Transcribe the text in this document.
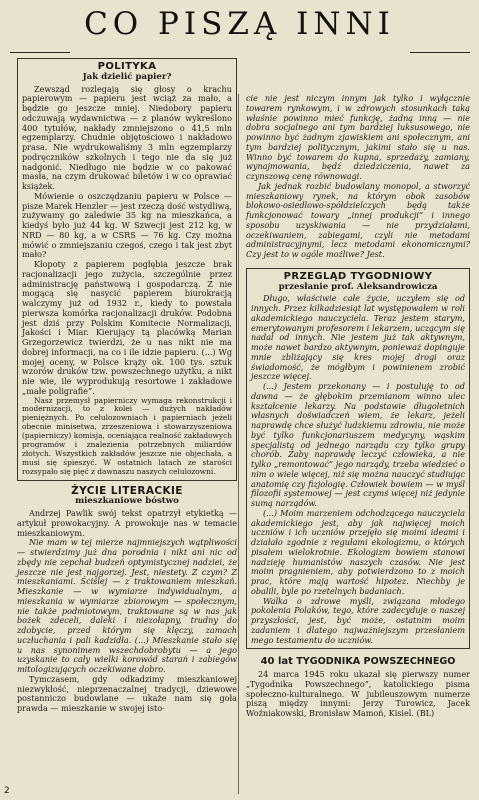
CO PISZĄ INNI
POLITYKA
Jak dzielić papier?

Zewsząd rozlegają się głosy o krachu papierowym — papieru jest wciąż za mało, a będzie go jeszcze mniej. Niedobory papieru odczuwają wydawnictwa — z planów wykreślono 400 tytułów, nakłady zmniejszono o 41,5 mln egzemplarzy. Chudnie objętościowo i nakładowo prasa. Nie wydrukowaliśmy 3 mln egzemplarzy podręczników szkolnych i tego nie da się już nadgonić. Niedługo nie będzie w co pakować masła, na czym drukować biletów i w co oprawiać książek.

Mówienie o oszczędzaniu papieru w Polsce — pisze Marek Henzler — jest rzeczą dość wstydliwą, zużywamy go zaledwie 35 kg na mieszkańca, a kiedyś było już 44 kg. W Szwecji jest 212 kg, w NRD — 80 kg, a w CSRS — 76 kg. Czy można mówić o zmniejszaniu czegoś, czego i tak jest zbyt mało?

Kłopoty z papierem pogłębia jeszcze brak racjonalizacji jego zużycia, szczególnie przez administrację państwową i gospodarczą. Z nie mogącą się nasycić papierem biurokracją walczymy już od 1932 r., kiedy to powstała pierwsza komórka racjonalizacji druków. Podobna jest dziś przy Polskim Komitecie Normalizacji, Jakości i Miar. Kierujący tą placówką Marian Grzegorzewicz twierdzi, że u nas nikt nie ma dobrej informacji, na co i ile idzie papieru. (...) Wg mojej oceny, w Polsce krąży ok. 100 tys. sztuk wzorów druków tzw. powszechnego użytku, a nikt nie wie, ile wyprodukują resortowe i zakładowe „małe poligrafie”.

Nasz przemysł papierniczy wymaga rekonstrukcji i modernizacji, to z kolei — dużych nakładów pieniężnych. Po celulozowniach i papierniach jeżeli obecnie minisetwa, zrzeszeniowa i stowarzyszeniowa (papierniczy) komisja, oceniająca realność zakładowych programów i znalezienia potrzebnych miliardów złotych. Wszystkich zakładów jeszcze nie objechała, a musi się śpieszyć. W ostatnich latach ze starości rozsypało się pięć z dawnaszu naszych celulozowni.

ŻYCIE LITERACKIE
mieszkaniowe bóstwo

Andrzej Pawlik swój tekst opatrzył etykietką — artykuł prowokacyjny. A prowokuje nas w temacie mieszkaniowym.

Nie mam w tej mierze najmniejszych wątpliwości — stwierdzimy już dna porodnia i nikt ani nic od zbędy nie zepchał budzeń optymistycznej nadziei, że jeszcze nie jest najgorzej. Jest, niestety. Z czym? Z mieszkaniami. Ściślej — z traktowaniem mieszkań. Mieszkanie — w wymiarze indywidualnym, a mieszkania w wymiarze zbiorowym — społecznym, nie także podmiotowym, traktowane są w nas jak bożek zdeceli, daleki i niezołapny, trudny do zdobycie, przed którym się klęczy, zamach uczłuchania i pali kadzidła. (...) Mieszkanie stało się u nas synonimem wszechdobrobytu — a jego uzyskanie to cały wielki korowód starań i zabiegów mitologizujących oczekiwane dobro.

Tymczasem, gdy odkadzimy mieszkaniowej niezwykłość, nieprzenaczalnej tradycji, dziewowe postanniczo budowlane — ukaże nam się goła prawda — mieszkanie w swojej isto-

cie nie jest niczym innym jak tylko i wyłącznie towarem rynkowym, i w zdrowych stosunkach taką właśnie powinno mieć funkcję, żadną inną — nie dobra socjalnego ani tym bardziej luksusowego, nie powinno być żadnym zjawiskiem ani społecznym, ani tym bardziej politycznym, jakimi stało się u nas. Winno być towarem do kupna, sprzedaży, zamiany, wynajmowania, będź dziedziczenia, nawet za czynszową cenę równowagi.

Jak jednak rozbić budowlany monopol, a stworzyć mieszkaniowy rynek, na którym obok zasobów blokowo-osiedlowo-spółdzielczych będą także funkcjonować towary „innej produkcji” i innego sposobu uzyskiwania — nie przydziałami, oczekiwaniem, zabiegami, czyli nie metodami administracyjnymi, lecz metodami ekonomicznymi? Czy jest to w ogóle możliwe? Jest.

PRZEGLĄD TYGODNIOWY
przesłanie prof. Aleksandrowicza

Długo, właściwie całe życie, uczyłem się od innych. Przez kilkadziesiąt lat występowałem w roli akademickiego nauczyciela. Teraz jestem starym, emerytowanym profesorem i lekarzem, uczącym się nadal od innych. Nie jestem już tak aktywnym, może nawet bardzo aktywnym, ponieważ dopinguje mnie zbliżający się kres mojej drogi oraz świadomość, że mógłbym i powinienem zrobić jeszcze więcej.

(...) Jestem przekonany — i postuluję to od dawna — że głębokim przemianom winno ulec kształcenie lekarzy. Na podstawie długoletnich własnych doświadczeń wiem, że lekarz, jeżeli naprawdę chce służyć ludzkiemu zdrowiu, nie może być tylko funkcjonariuszem medycyny, wąskim specjalistą od jednego narządu czy tylko grupy chorób. Żaby naprawdę leczyć człowieka, a nie tylko „remontować” jego narządy, trzeba wiedzieć o nim o wiele więcej, niż się można nauczyć studiując anatomię czy fizjologię. Człowiek bowiem — w myśl filozofii systemowej — jest czymś więcej niż jedynie sumą narządów.

(...) Moim marzeniem odchodzącego nauczyciela akademickiego jest, aby jak najwięcej moich uczniów i ich uczniów przejęło się moimi ideami i działało zgodnie z regułami ekologizmu, o których pisałem wielokrotnie. Ekologizm bowiem stanowi nadzieję humanistów naszych czasów. Nie jest moim pragnieniem, aby potwierdzono to z moich prac, które mają wartość hipotez. Niechby je obalili, byle po rzetelnych badaniach.

Walka o zdrowe myśli, związana młodego pokolenia Polaków, tego, które zadecyduje o naszej przyszłości, jest, być może, ostatnim moim zadaniem i dlatego najważniejszym przesłaniem mego testamentu do uczniów.

40 lat TYGODNIKA POWSZECHNEGO

24 marca 1945 roku ukazał się pierwszy numer „Tygodnika Powszechnego”, katolickiego pisma społeczno-kulturalnego. W jubileuszowym numerze piszą między innymi: Jerzy Turowicz, Jacek Woźniakowski, Bronisław Mamoń, Kisiel. (BL)

2
